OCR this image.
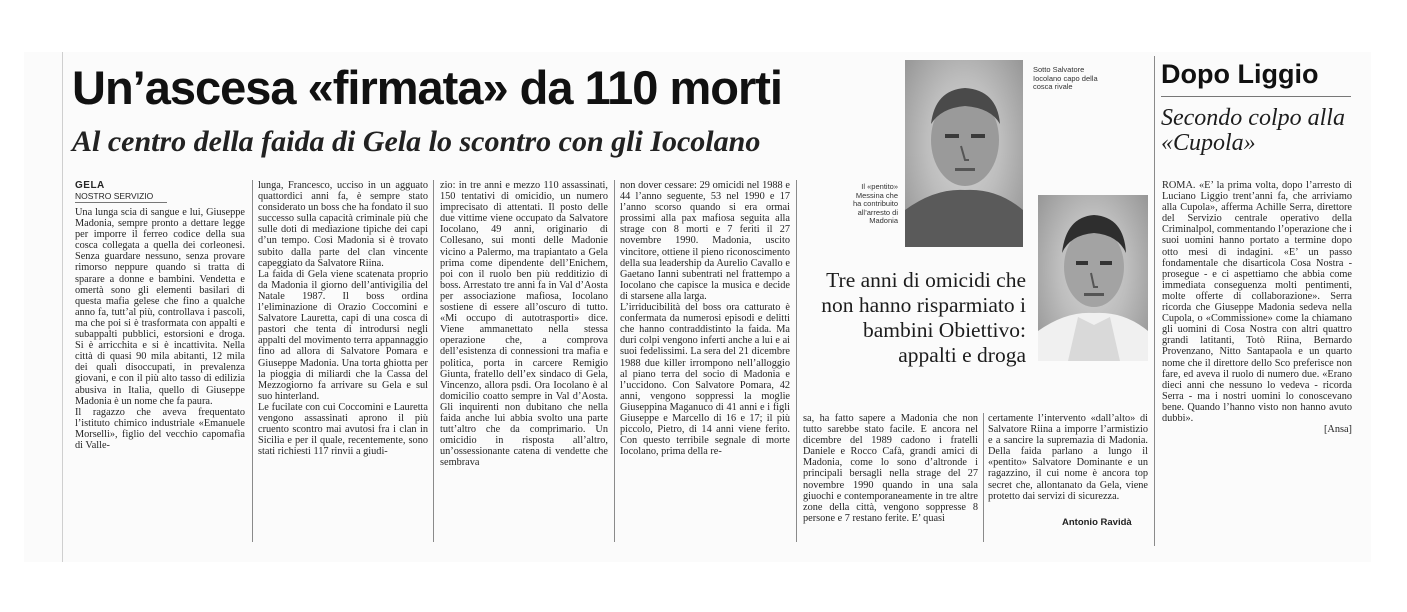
Un’ascesa «firmata» da 110 morti
Al centro della faida di Gela lo scontro con gli Iocolano
GELA
NOSTRO SERVIZIO

Una lunga scia di sangue e lui, Giuseppe Madonia, sempre pronto a dettare legge per imporre il ferreo codice della sua cosca collegata a quella dei corleonesi. Senza guardare nessuno, senza provare rimorso neppure quando si tratta di sparare a donne e bambini. Vendetta e omertà sono gli elementi basilari di questa mafia gelese che fino a qualche anno fa, tutt’al più, controllava i pascoli, ma che poi si è trasformata con appalti e subappalti pubblici, estorsioni e droga. Si è arricchita e si è incattivita. Nella città di quasi 90 mila abitanti, 12 mila dei quali disoccupati, in prevalenza giovani, e con il più alto tasso di edilizia abusiva in Italia, quello di Giuseppe Madonia è un nome che fa paura.
Il ragazzo che aveva frequentato l’istituto chimico industriale «Emanuele Morselli», figlio del vecchio capomafia di Valle-

lunga, Francesco, ucciso in un agguato quattordici anni fa, è sempre stato considerato un boss che ha fondato il suo successo sulla capacità criminale più che sulle doti di mediazione tipiche dei capi d’un tempo. Così Madonia si è trovato subito dalla parte del clan vincente capeggiato da Salvatore Riina.
La faida di Gela viene scatenata proprio da Madonia il giorno dell’antivigilia del Natale 1987. Il boss ordina l’eliminazione di Orazio Coccomini e Salvatore Lauretta, capi di una cosca di pastori che tenta di introdursi negli appalti del movimento terra appannaggio fino ad allora di Salvatore Pomara e Giuseppe Madonia. Una torta ghiotta per la pioggia di miliardi che la Cassa del Mezzogiorno fa arrivare su Gela e sul suo hinterland.
Le fucilate con cui Coccomini e Lauretta vengono assassinati aprono il più cruento scontro mai avutosi fra i clan in Sicilia e per il quale, recentemente, sono stati richiesti 117 rinvii a giudi-

zio: in tre anni e mezzo 110 assassinati, 150 tentativi di omicidio, un numero imprecisato di attentati. Il posto delle due vittime viene occupato da Salvatore Iocolano, 49 anni, originario di Collesano, sui monti delle Madonie vicino a Palermo, ma trapiantato a Gela prima come dipendente dell’Enichem, poi con il ruolo ben più redditizio di boss. Arrestato tre anni fa in Val d’Aosta per associazione mafiosa, Iocolano sostiene di essere all’oscuro di tutto. «Mi occupo di autotrasporti» dice. Viene ammanettato nella stessa operazione che, a comprova dell’esistenza di connessioni tra mafia e politica, porta in carcere Remigio Giunta, fratello dell’ex sindaco di Gela, Vincenzo, allora psdi. Ora Iocolano è al domicilio coatto sempre in Val d’Aosta. Gli inquirenti non dubitano che nella faida anche lui abbia svolto una parte tutt’altro che da comprimario. Un omicidio in risposta all’altro, un’ossessionante catena di vendette che sembrava

non dover cessare: 29 omicidi nel 1988 e 44 l’anno seguente, 53 nel 1990 e 17 l’anno scorso quando si era ormai prossimi alla pax mafiosa seguita alla strage con 8 morti e 7 feriti il 27 novembre 1990. Madonia, uscito vincitore, ottiene il pieno riconoscimento della sua leadership da Aurelio Cavallo e Gaetano Ianni subentrati nel frattempo a Iocolano che capisce la musica e decide di starsene alla larga.
L’irriducibilità del boss ora catturato è confermata da numerosi episodi e delitti che hanno contraddistinto la faida. Ma duri colpi vengono inferti anche a lui e ai suoi fedelissimi. La sera del 21 dicembre 1988 due killer irrompono nell’alloggio al piano terra del socio di Madonia e l’uccidono. Con Salvatore Pomara, 42 anni, vengono soppressi la moglie Giuseppina Maganuco di 41 anni e i figli Giuseppe e Marcello di 16 e 17; il più piccolo, Pietro, di 14 anni viene ferito. Con questo terribile segnale di morte Iocolano, prima della re-

sa, ha fatto sapere a Madonia che non tutto sarebbe stato facile. E ancora nel dicembre del 1989 cadono i fratelli Daniele e Rocco Cafà, grandi amici di Madonia, come lo sono d’altronde i principali bersagli nella strage del 27 novembre 1990 quando in una sala giuochi e contemporaneamente in tre altre zone della città, vengono soppresse 8 persone e 7 restano ferite. E’ quasi

certamente l’intervento «dall’alto» di Salvatore Riina a imporre l’armistizio e a sancire la supremazia di Madonia. Della faida parlano a lungo il «pentito» Salvatore Dominante e un ragazzino, il cui nome è ancora top secret che, allontanato da Gela, viene protetto dai servizi di sicurezza.

Antonio Ravidà
Sotto Salvatore Iocolano capo della cosca rivale
Il «pentito» Messina che ha contribuito all’arresto di Madonia
Tre anni di omicidi che non hanno risparmiato i bambini Obiettivo: appalti e droga
Dopo Liggio
Secondo colpo alla «Cupola»

ROMA. «E’ la prima volta, dopo l’arresto di Luciano Liggio trent’anni fa, che arriviamo alla Cupola», afferma Achille Serra, direttore del Servizio centrale operativo della Criminalpol, commentando l’operazione che i suoi uomini hanno portato a termine dopo otto mesi di indagini. «E’ un passo fondamentale che disarticola Cosa Nostra - prosegue - e ci aspettiamo che abbia come immediata conseguenza molti pentimenti, molte offerte di collaborazione». Serra ricorda che Giuseppe Madonia sedeva nella Cupola, o «Commissione» come la chiamano gli uomini di Cosa Nostra con altri quattro grandi latitanti, Totò Riina, Bernardo Provenzano, Nitto Santapaola e un quarto nome che il direttore dello Sco preferisce non fare, ed aveva il ruolo di numero due. «Erano dieci anni che nessuno lo vedeva - ricorda Serra - ma i nostri uomini lo conoscevano bene. Quando l’hanno visto non hanno avuto dubbi».

[Ansa]
